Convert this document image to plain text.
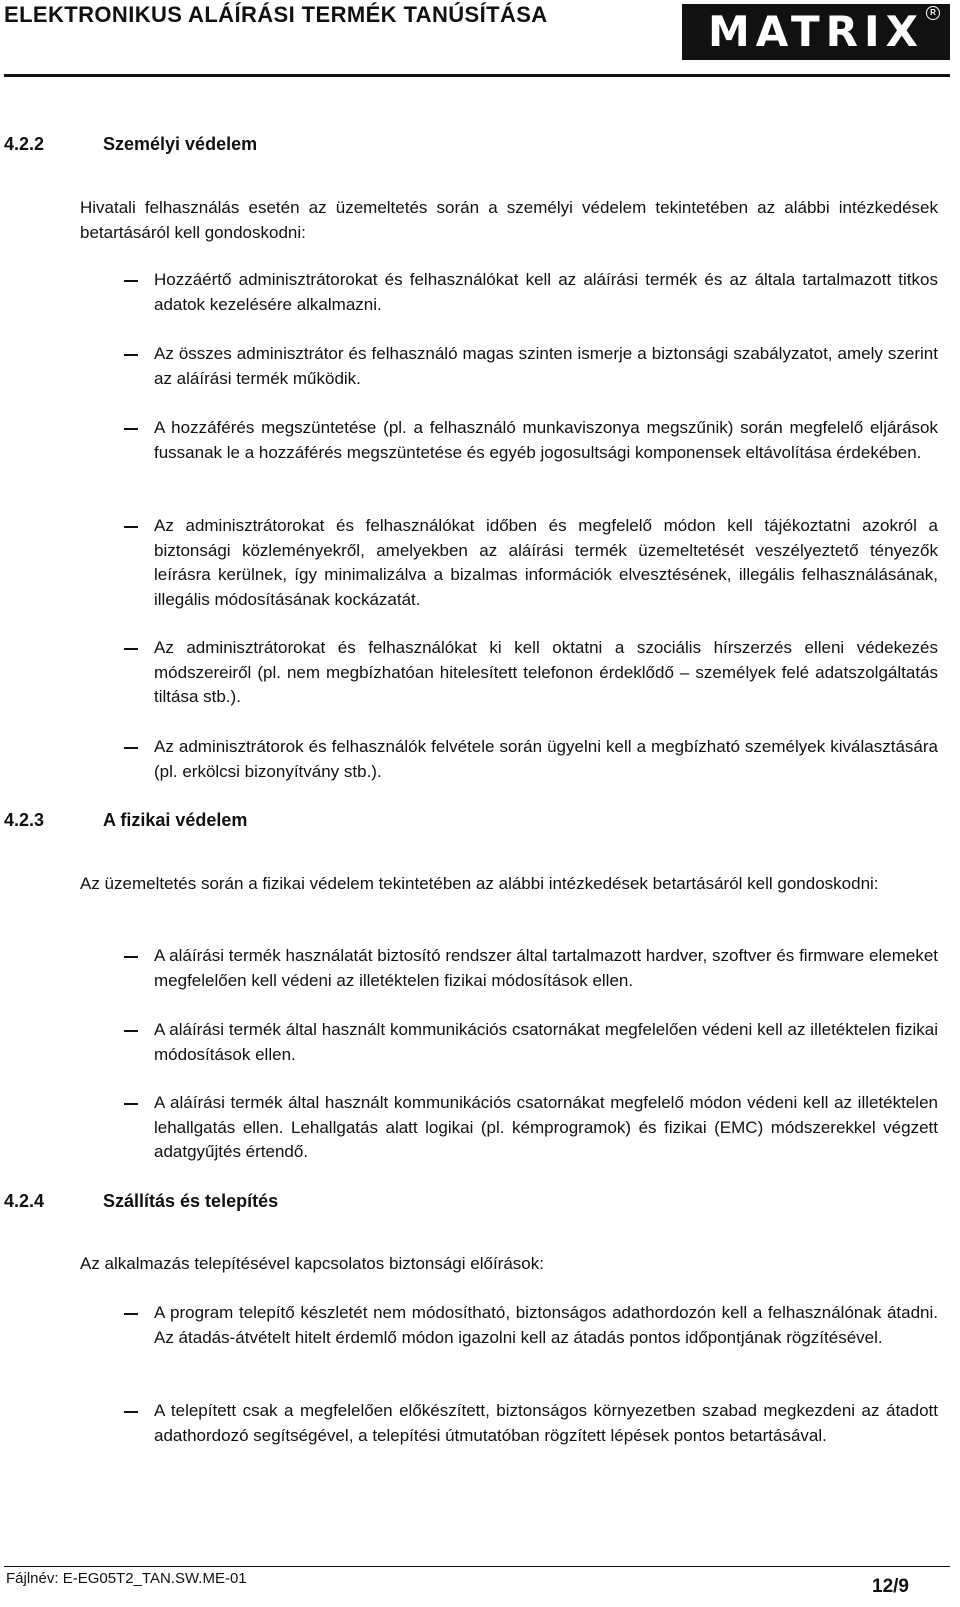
ELEKTRONIKUS ALÁÍRÁSI TERMÉK TANÚSÍTÁSA	MATRIX R
4.2.2	Személyi védelem
Hivatali felhasználás esetén az üzemeltetés során a személyi védelem tekintetében az alábbi intézkedések betartásáról kell gondoskodni:
Hozzáértő adminisztrátorokat és felhasználókat kell az aláírási termék és az általa tartalmazott titkos adatok kezelésére alkalmazni.
Az összes adminisztrátor és felhasználó magas szinten ismerje a biztonsági szabályzatot, amely szerint az aláírási termék működik.
A hozzáférés megszüntetése (pl. a felhasználó munkaviszonya megszűnik) során megfelelő eljárások fussanak le a hozzáférés megszüntetése és egyéb jogosultsági komponensek eltávolítása érdekében.
Az adminisztrátorokat és felhasználókat időben és megfelelő módon kell tájékoztatni azokról a biztonsági közleményekről, amelyekben az aláírási termék üzemeltetését veszélyeztető tényezők leírásra kerülnek, így minimalizálva a bizalmas információk elvesztésének, illegális felhasználásának, illegális módosításának kockázatát.
Az adminisztrátorokat és felhasználókat ki kell oktatni a szociális hírszerzés elleni védekezés módszereiről (pl. nem megbízhatóan hitelesített telefonon érdeklődő – személyek felé adatszolgáltatás tiltása stb.).
Az adminisztrátorok és felhasználók felvétele során ügyelni kell a megbízható személyek kiválasztására (pl. erkölcsi bizonyítvány stb.).
4.2.3	A fizikai védelem
Az üzemeltetés során a fizikai védelem tekintetében az alábbi intézkedések betartásáról kell gondoskodni:
A aláírási termék használatát biztosító rendszer által tartalmazott hardver, szoftver és firmware elemeket megfelelően kell védeni az illetéktelen fizikai módosítások ellen.
A aláírási termék által használt kommunikációs csatornákat megfelelően védeni kell az illetéktelen fizikai módosítások ellen.
A aláírási termék által használt kommunikációs csatornákat megfelelő módon védeni kell az illetéktelen lehallgatás ellen. Lehallgatás alatt logikai (pl. kémprogramok) és fizikai (EMC) módszerekkel végzett adatgyűjtés értendő.
4.2.4	Szállítás és telepítés
Az alkalmazás telepítésével kapcsolatos biztonsági előírások:
A program telepítő készletét nem módosítható, biztonságos adathordozón kell a felhasználónak átadni. Az átadás-átvételt hitelt érdemlő módon igazolni kell az átadás pontos időpontjának rögzítésével.
A telepített csak a megfelelően előkészített, biztonságos környezetben szabad megkezdeni az átadott adathordozó segítségével, a telepítési útmutatóban rögzített lépések pontos betartásával.
Fájlnév: E-EG05T2_TAN.SW.ME-01	12/9
